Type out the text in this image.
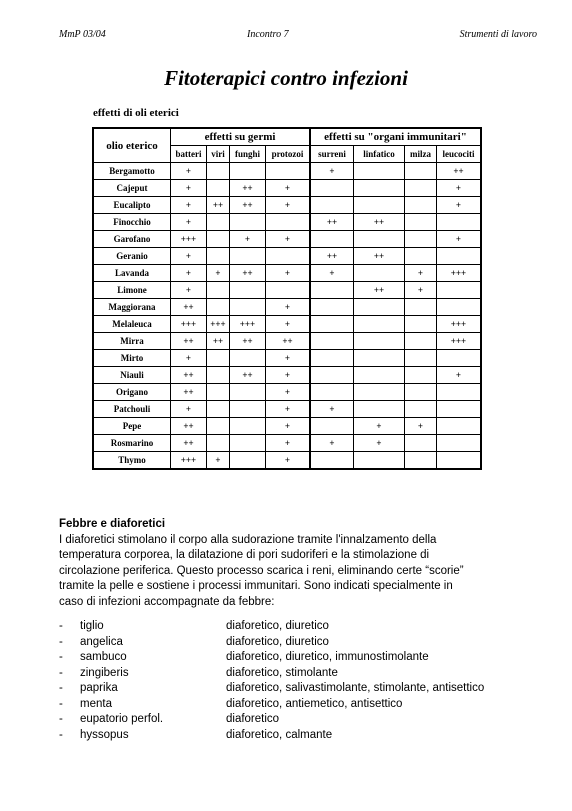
MmP 03/04	Incontro 7	Strumenti di lavoro
Fitoterapici contro infezioni
effetti di oli eterici
olio eterico	effetti su germi				effetti su "organi immunitari"			
	batteri	viri	funghi	protozoi	surreni	linfatico	milza	leucociti
Bergamotto	+				+			++
Cajeput	+		++	+				+
Eucalipto	+	++	++	+				+
Finocchio	+				++	++		
Garofano	+++		+	+				+
Geranio	+				++	++		
Lavanda	+	+	++	+	+		+	+++
Limone	+					++	+	
Maggiorana	++			+				
Melaleuca	+++	+++	+++	+				+++
Mirra	++	++	++	++				+++
Mirto	+			+				
Niauli	++		++	+				+
Origano	++			+				
Patchouli	+			+	+			
Pepe	++			+		+	+	
Rosmarino	++			+	+	+		
Thymo	+++	+		+				
Febbre e diaforetici
I diaforetici stimolano il corpo alla sudorazione tramite l'innalzamento della
temperatura corporea, la dilatazione di pori sudoriferi e la stimolazione di
circolazione periferica. Questo processo scarica i reni, eliminando certe “scorie”
tramite la pelle e sostiene i processi immunitari. Sono indicati specialmente in
caso di infezioni accompagnate da febbre:
-	tiglio	diaforetico, diuretico
-	angelica	diaforetico, diuretico
-	sambuco	diaforetico, diuretico, immunostimolante
-	zingiberis	diaforetico, stimolante
-	paprika	diaforetico, salivastimolante, stimolante, antisettico
-	menta	diaforetico, antiemetico, antisettico
-	eupatorio perfol.	diaforetico
-	hyssopus	diaforetico, calmante
